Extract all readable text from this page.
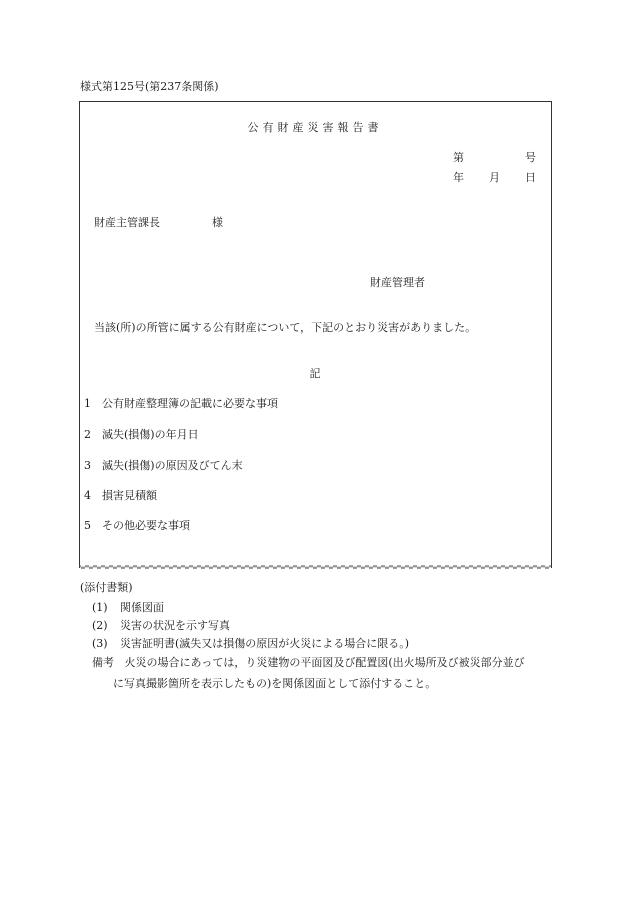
様式第125号(第237条関係)
公有財産災害報告書
第	号
年 月 日
財産主管課長	様
財産管理者
当該(所)の所管に属する公有財産について，下記のとおり災害がありました。
記
1 公有財産整理簿の記載に必要な事項
2 滅失(損傷)の年月日
3 滅失(損傷)の原因及びてん末
4 損害見積額
5 その他必要な事項
(添付書類)
(1) 関係図面
(2) 災害の状況を示す写真
(3) 災害証明書(滅失又は損傷の原因が火災による場合に限る。)
備考 火災の場合にあっては，り災建物の平面図及び配置図(出火場所及び被災部分並び
に写真撮影箇所を表示したもの)を関係図面として添付すること。
